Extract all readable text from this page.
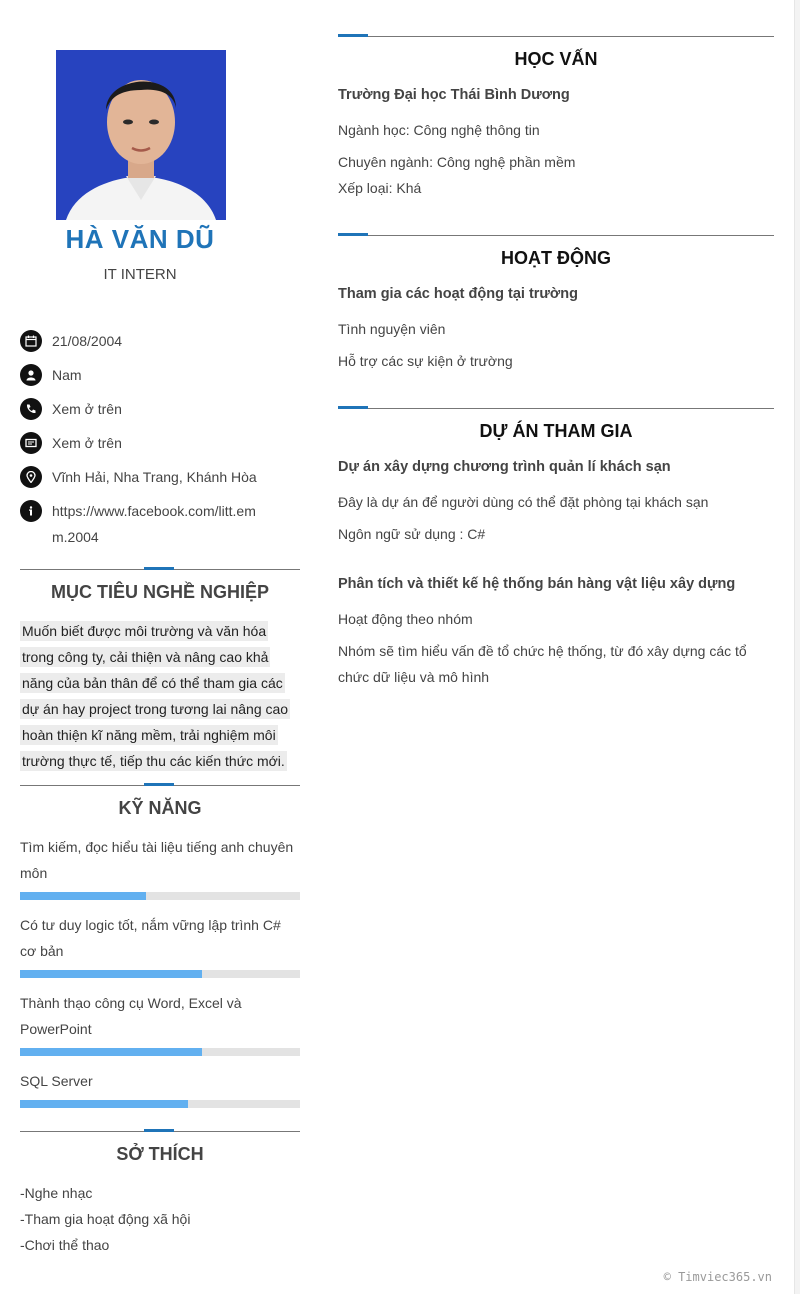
HÀ VĂN DŨ
IT INTERN
21/08/2004
Nam
Xem ở trên
Xem ở trên
Vĩnh Hải, Nha Trang, Khánh Hòa
https://www.facebook.com/litt.em
m.2004
MỤC TIÊU NGHỀ NGHIỆP
Muốn biết được môi trường và văn hóa trong công ty, cải thiện và nâng cao khả năng của bản thân để có thể tham gia các dự án hay project trong tương lai nâng cao hoàn thiện kĩ năng mềm, trải nghiệm môi trường thực tế, tiếp thu các kiến thức mới.
KỸ NĂNG
Tìm kiếm, đọc hiểu tài liệu tiếng anh chuyên môn
Có tư duy logic tốt, nắm vững lập trình C# cơ bản
Thành thạo công cụ Word, Excel và PowerPoint
SQL Server
SỞ THÍCH
-Nghe nhạc
-Tham gia hoạt động xã hội
-Chơi thể thao
HỌC VẤN
Trường Đại học Thái Bình Dương
Ngành học: Công nghệ thông tin
Chuyên ngành: Công nghệ phần mềm
Xếp loại: Khá
HOẠT ĐỘNG
Tham gia các hoạt động tại trường
Tình nguyện viên
Hỗ trợ các sự kiện ở trường
DỰ ÁN THAM GIA
Dự án xây dựng chương trình quản lí khách sạn
Đây là dự án để người dùng có thể đặt phòng tại khách sạn
Ngôn ngữ sử dụng : C#
Phân tích và thiết kế hệ thống bán hàng vật liệu xây dựng
Hoạt động theo nhóm
Nhóm sẽ tìm hiểu vấn đề tổ chức hệ thống, từ đó xây dựng các tổ chức dữ liệu và mô hình
© Timviec365.vn
